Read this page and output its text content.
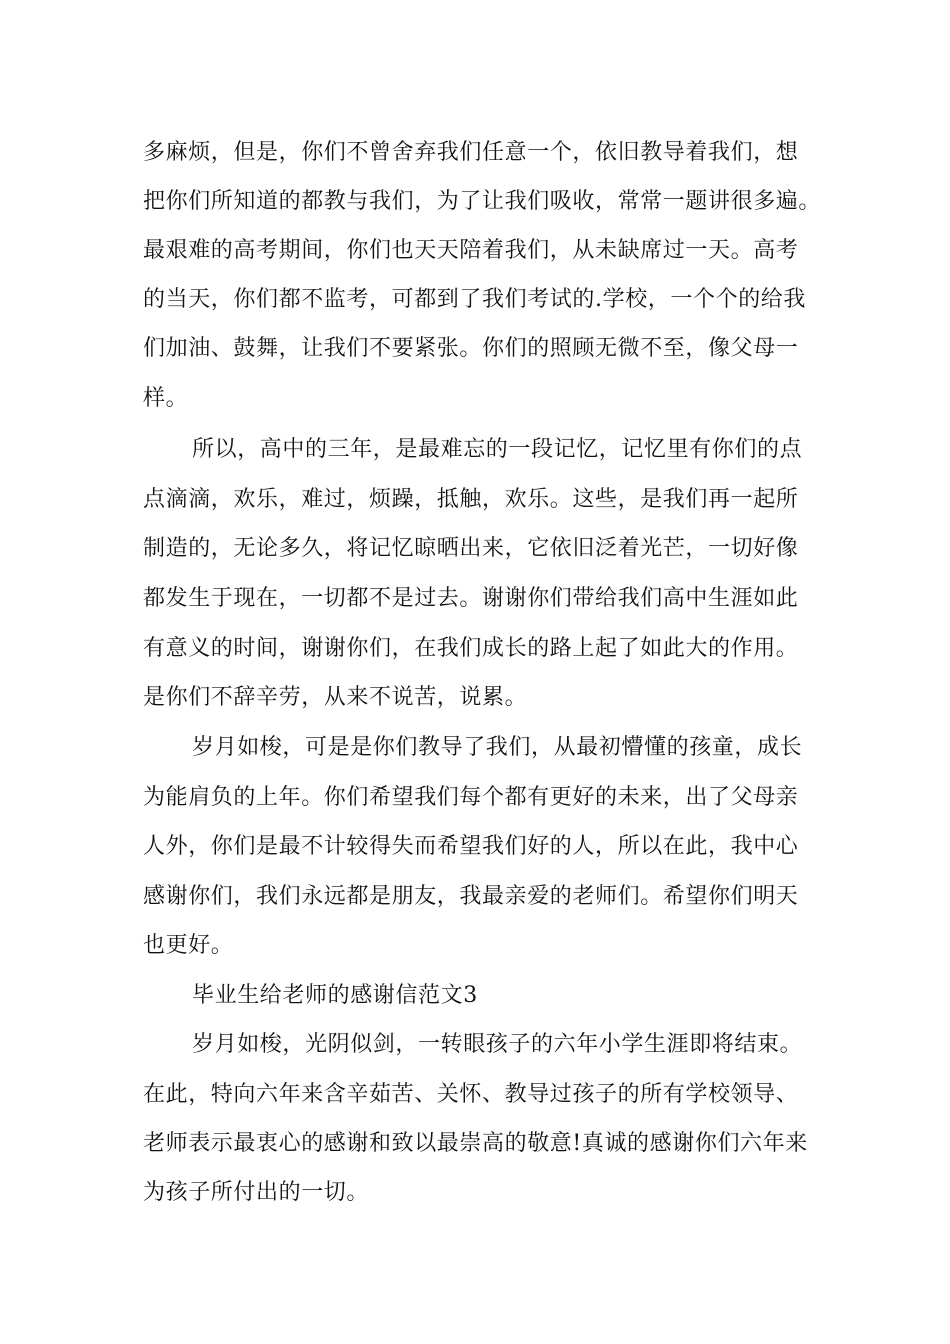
多麻烦，但是，你们不曾舍弃我们任意一个，依旧教导着我们，想

把你们所知道的都教与我们，为了让我们吸收，常常一题讲很多遍。

最艰难的高考期间，你们也天天陪着我们，从未缺席过一天。高考

的当天，你们都不监考，可都到了我们考试的.学校，一个个的给我

们加油、鼓舞，让我们不要紧张。你们的照顾无微不至，像父母一

样。

所以，高中的三年，是最难忘的一段记忆，记忆里有你们的点

点滴滴，欢乐，难过，烦躁，抵触，欢乐。这些，是我们再一起所

制造的，无论多久，将记忆晾晒出来，它依旧泛着光芒，一切好像

都发生于现在，一切都不是过去。谢谢你们带给我们高中生涯如此

有意义的时间，谢谢你们，在我们成长的路上起了如此大的作用。

是你们不辞辛劳，从来不说苦，说累。

岁月如梭，可是是你们教导了我们，从最初懵懂的孩童，成长

为能肩负的上年。你们希望我们每个都有更好的未来，出了父母亲

人外，你们是最不计较得失而希望我们好的人，所以在此，我中心

感谢你们，我们永远都是朋友，我最亲爱的老师们。希望你们明天

也更好。

毕业生给老师的感谢信范文3

岁月如梭，光阴似剑，一转眼孩子的六年小学生涯即将结束。

在此，特向六年来含辛茹苦、关怀、教导过孩子的所有学校领导、

老师表示最衷心的感谢和致以最崇高的敬意!真诚的感谢你们六年来

为孩子所付出的一切。
